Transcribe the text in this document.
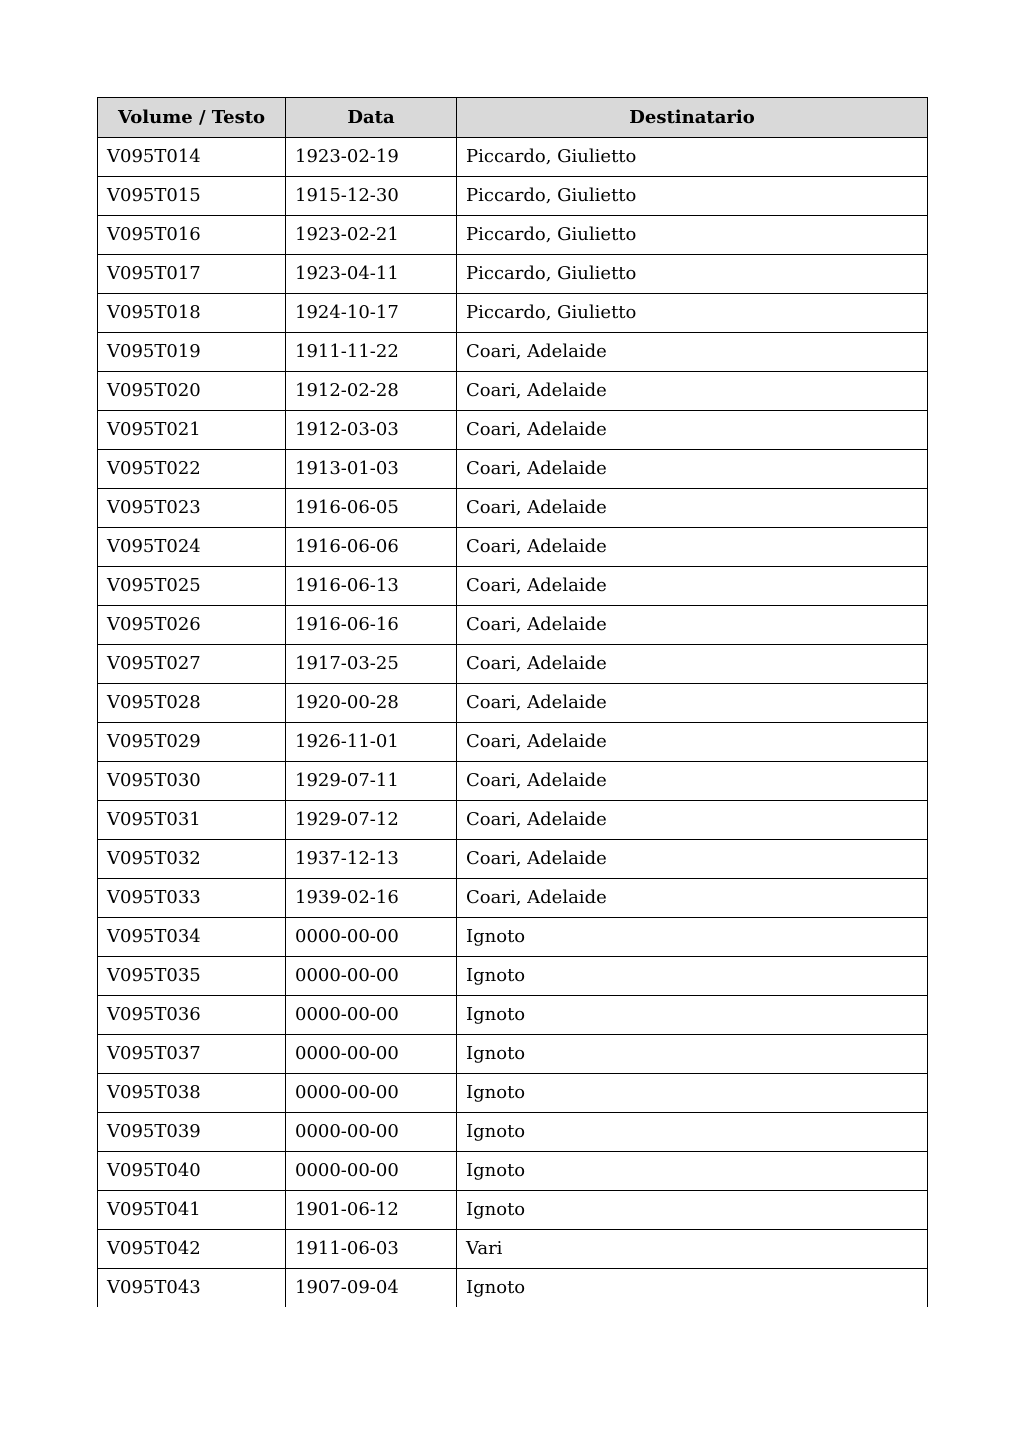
Volume / Testo	Data	Destinatario
V095T014	1923-02-19	Piccardo, Giulietto
V095T015	1915-12-30	Piccardo, Giulietto
V095T016	1923-02-21	Piccardo, Giulietto
V095T017	1923-04-11	Piccardo, Giulietto
V095T018	1924-10-17	Piccardo, Giulietto
V095T019	1911-11-22	Coari, Adelaide
V095T020	1912-02-28	Coari, Adelaide
V095T021	1912-03-03	Coari, Adelaide
V095T022	1913-01-03	Coari, Adelaide
V095T023	1916-06-05	Coari, Adelaide
V095T024	1916-06-06	Coari, Adelaide
V095T025	1916-06-13	Coari, Adelaide
V095T026	1916-06-16	Coari, Adelaide
V095T027	1917-03-25	Coari, Adelaide
V095T028	1920-00-28	Coari, Adelaide
V095T029	1926-11-01	Coari, Adelaide
V095T030	1929-07-11	Coari, Adelaide
V095T031	1929-07-12	Coari, Adelaide
V095T032	1937-12-13	Coari, Adelaide
V095T033	1939-02-16	Coari, Adelaide
V095T034	0000-00-00	Ignoto
V095T035	0000-00-00	Ignoto
V095T036	0000-00-00	Ignoto
V095T037	0000-00-00	Ignoto
V095T038	0000-00-00	Ignoto
V095T039	0000-00-00	Ignoto
V095T040	0000-00-00	Ignoto
V095T041	1901-06-12	Ignoto
V095T042	1911-06-03	Vari
V095T043	1907-09-04	Ignoto
